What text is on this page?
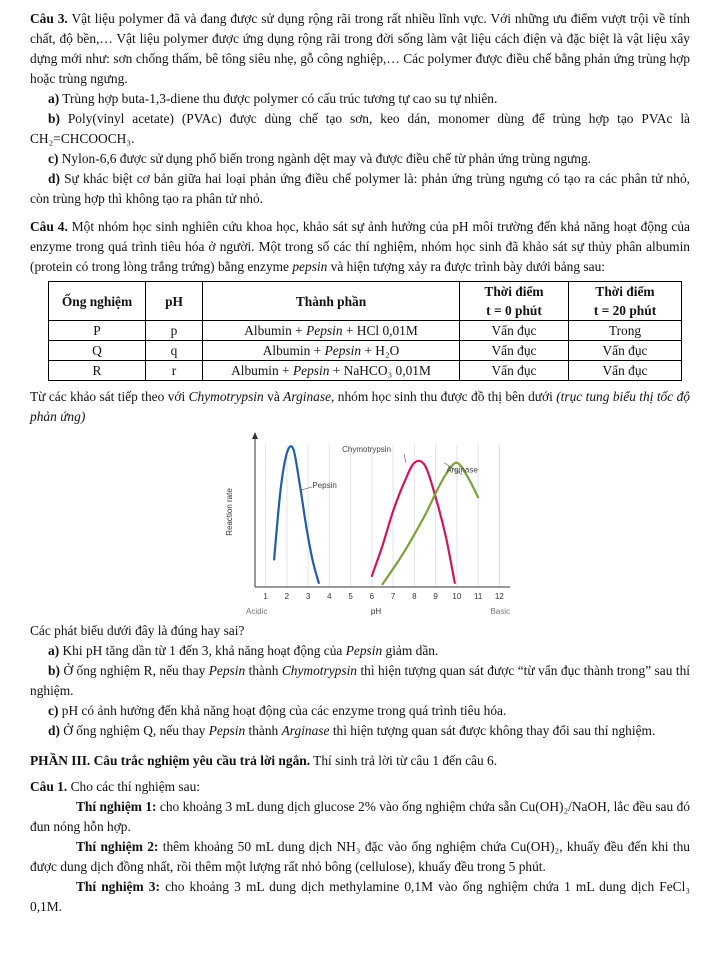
Câu 3. Vật liệu polymer đã và đang được sử dụng rộng rãi trong rất nhiều lĩnh vực. Với những ưu điểm vượt trội về tính chất, độ bền,… Vật liệu polymer được ứng dụng rộng rãi trong đời sống làm vật liệu cách điện và đặc biệt là vật liệu xây dựng mới như: sơn chống thấm, bê tông siêu nhẹ, gỗ công nghiệp,… Các polymer được điều chế bằng phản ứng trùng hợp hoặc trùng ngưng.

a) Trùng hợp buta-1,3-diene thu được polymer có cấu trúc tương tự cao su tự nhiên.

b) Poly(vinyl acetate) (PVAc) được dùng chế tạo sơn, keo dán, monomer dùng để trùng hợp tạo PVAc là CH₂=CHCOOCH₃.

c) Nylon-6,6 được sử dụng phổ biến trong ngành dệt may và được điều chế từ phản ứng trùng ngưng.

d) Sự khác biệt cơ bản giữa hai loại phản ứng điều chế polymer là: phản ứng trùng ngưng có tạo ra các phân tử nhỏ, còn trùng hợp thì không tạo ra phân tử nhỏ.

Câu 4. Một nhóm học sinh nghiên cứu khoa học, khảo sát sự ảnh hưởng của pH môi trường đến khả năng hoạt động của enzyme trong quá trình tiêu hóa ở người. Một trong số các thí nghiệm, nhóm học sinh đã khảo sát sự thủy phân albumin (protein có trong lòng trắng trứng) bằng enzyme pepsin và hiện tượng xảy ra được trình bày dưới bảng sau:

Ống nghiệm	pH	Thành phần	Thời điểm	Thời điểm
			t = 0 phút	t = 20 phút
P	p	Albumin + Pepsin + HCl 0,01M	Vẩn đục	Trong
Q	q	Albumin + Pepsin + H₂O	Vẩn đục	Vẩn đục
R	r	Albumin + Pepsin + NaHCO₃ 0,01M	Vẩn đục	Vẩn đục

Từ các khảo sát tiếp theo với Chymotrypsin và Arginase, nhóm học sinh thu được đồ thị bên dưới (trục tung biểu thị tốc độ phản ứng)

1 2 3 4 5 6 7 8 9 10 11 12
Pepsin
Chymotrypsin
Arginase
Reaction rate
pH
Acidic	Basic

Các phát biểu dưới đây là đúng hay sai?

a) Khi pH tăng dần từ 1 đến 3, khả năng hoạt động của Pepsin giảm dần.

b) Ở ống nghiệm R, nếu thay Pepsin thành Chymotrypsin thì hiện tượng quan sát được “từ vẩn đục thành trong” sau thí nghiệm.

c) pH có ảnh hưởng đến khả năng hoạt động của các enzyme trong quá trình tiêu hóa.

d) Ở ống nghiệm Q, nếu thay Pepsin thành Arginase thì hiện tượng quan sát được không thay đổi sau thí nghiệm.

PHẦN III. Câu trắc nghiệm yêu cầu trả lời ngắn. Thí sinh trả lời từ câu 1 đến câu 6.

Câu 1. Cho các thí nghiệm sau:

Thí nghiệm 1: cho khoảng 3 mL dung dịch glucose 2% vào ống nghiệm chứa sẵn Cu(OH)₂/NaOH, lắc đều sau đó đun nóng hỗn hợp.

Thí nghiệm 2: thêm khoảng 50 mL dung dịch NH₃ đặc vào ống nghiệm chứa Cu(OH)₂, khuấy đều đến khi thu được dung dịch đồng nhất, rồi thêm một lượng rất nhỏ bông (cellulose), khuấy đều trong 5 phút.

Thí nghiệm 3: cho khoảng 3 mL dung dịch methylamine 0,1M vào ống nghiệm chứa 1 mL dung dịch FeCl₃ 0,1M.
